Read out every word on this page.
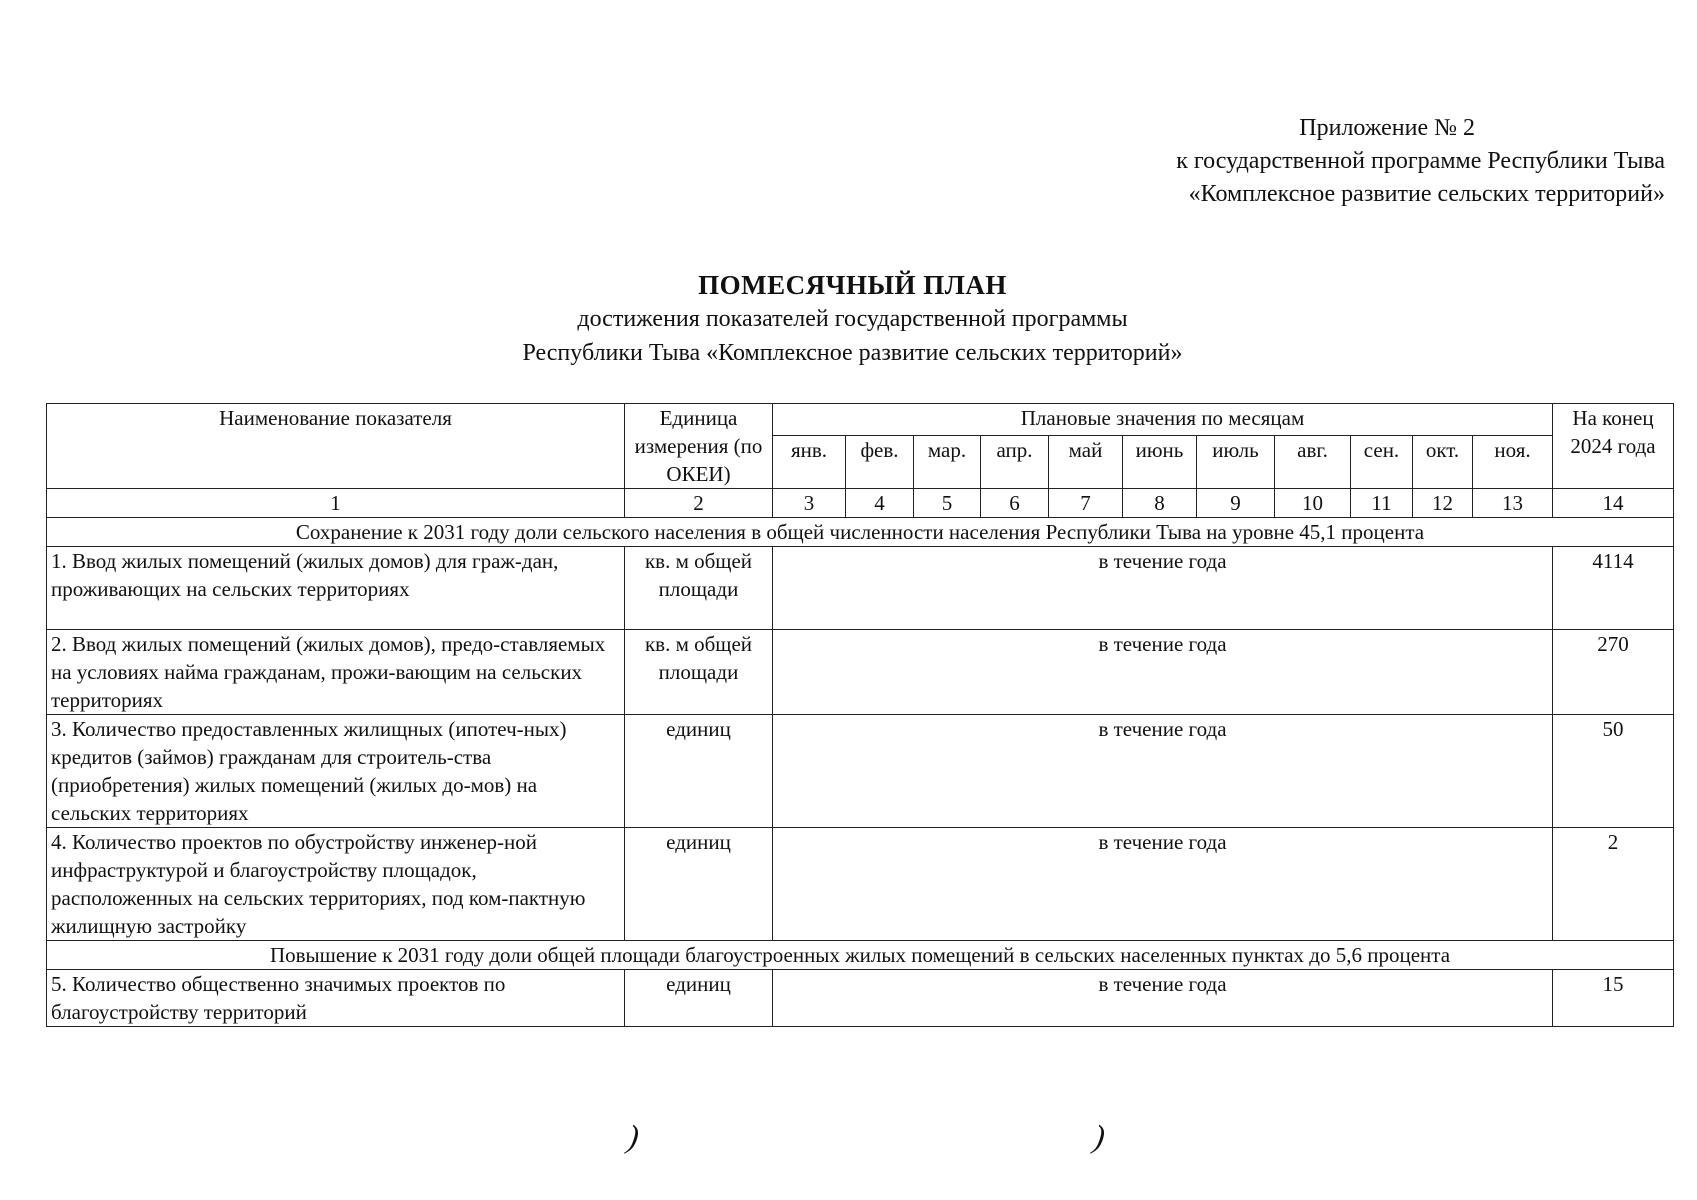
Приложение № 2
к государственной программе Республики Тыва
«Комплексное развитие сельских территорий»
ПОМЕСЯЧНЫЙ ПЛАН
достижения показателей государственной программы
Республики Тыва «Комплексное развитие сельских территорий»
Наименование показателя	Единица измерения (по ОКЕИ)	Плановые значения по месяцам											На конец 2024 года
		янв.	фев.	мар.	апр.	май	июнь	июль	авг.	сен.	окт.	ноя.	
1	2	3	4	5	6	7	8	9	10	11	12	13	14
Сохранение к 2031 году доли сельского населения в общей численности населения Республики Тыва на уровне 45,1 процента													
1. Ввод жилых помещений (жилых домов) для граж-дан, проживающих на сельских территориях	кв. м общей площади	в течение года											4114
2. Ввод жилых помещений (жилых домов), предо-ставляемых на условиях найма гражданам, прожи-вающим на сельских территориях	кв. м общей площади	в течение года											270
3. Количество предоставленных жилищных (ипотеч-ных) кредитов (займов) гражданам для строитель-ства (приобретения) жилых помещений (жилых до-мов) на сельских территориях	единиц	в течение года											50
4. Количество проектов по обустройству инженер-ной инфраструктурой и благоустройству площадок, расположенных на сельских территориях, под ком-пактную жилищную застройку	единиц	в течение года											2
Повышение к 2031 году доли общей площади благоустроенных жилых помещений в сельских населенных пунктах до 5,6 процента													
5. Количество общественно значимых проектов по благоустройству территорий	единиц	в течение года											15
)	)
